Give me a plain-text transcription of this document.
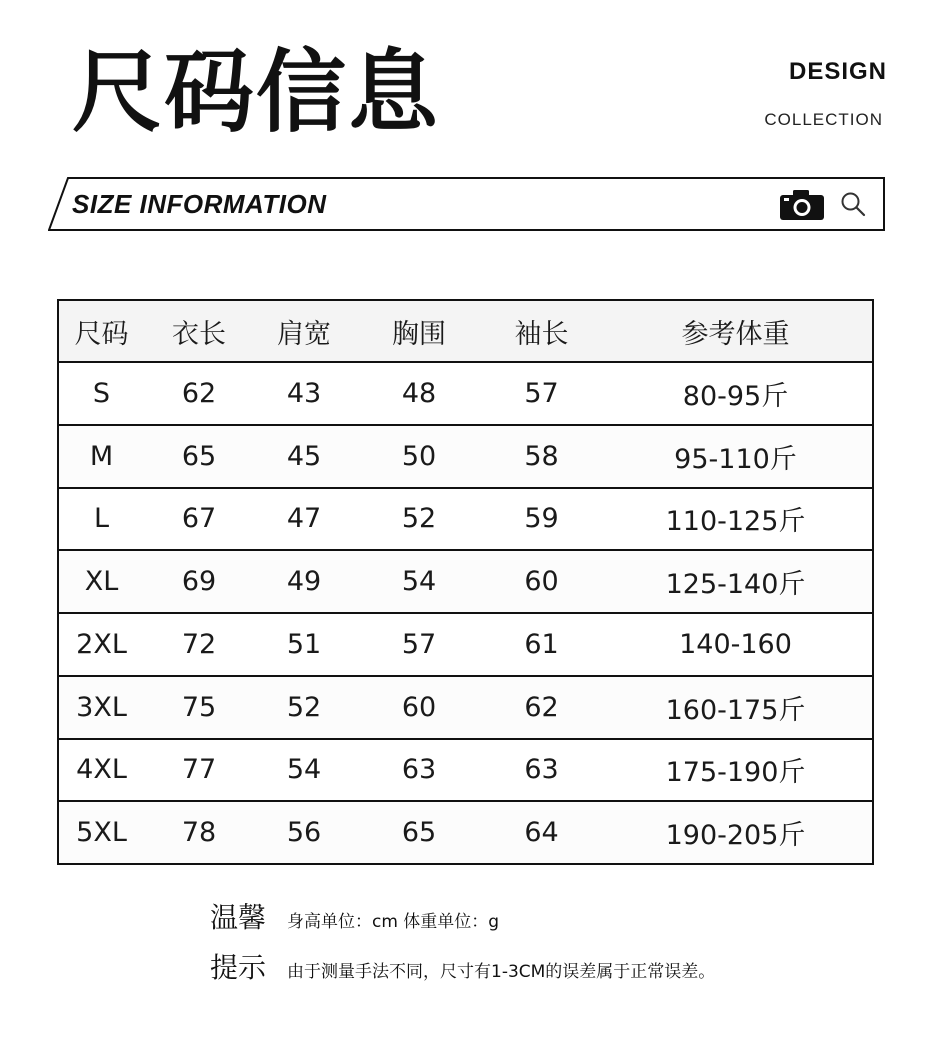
尺码信息	DESIGN
COLLECTION
SIZE INFORMATION
尺码	衣长	肩宽	胸围	袖长	参考体重
S	62	43	48	57	80-95斤
M	65	45	50	58	95-110斤
L	67	47	52	59	110-125斤
XL	69	49	54	60	125-140斤
2XL	72	51	57	61	140-160
3XL	75	52	60	62	160-175斤
4XL	77	54	63	63	175-190斤
5XL	78	56	65	64	190-205斤
温馨 身高单位：cm 体重单位：g
提示 由于测量手法不同，尺寸有1-3CM的误差属于正常误差。
